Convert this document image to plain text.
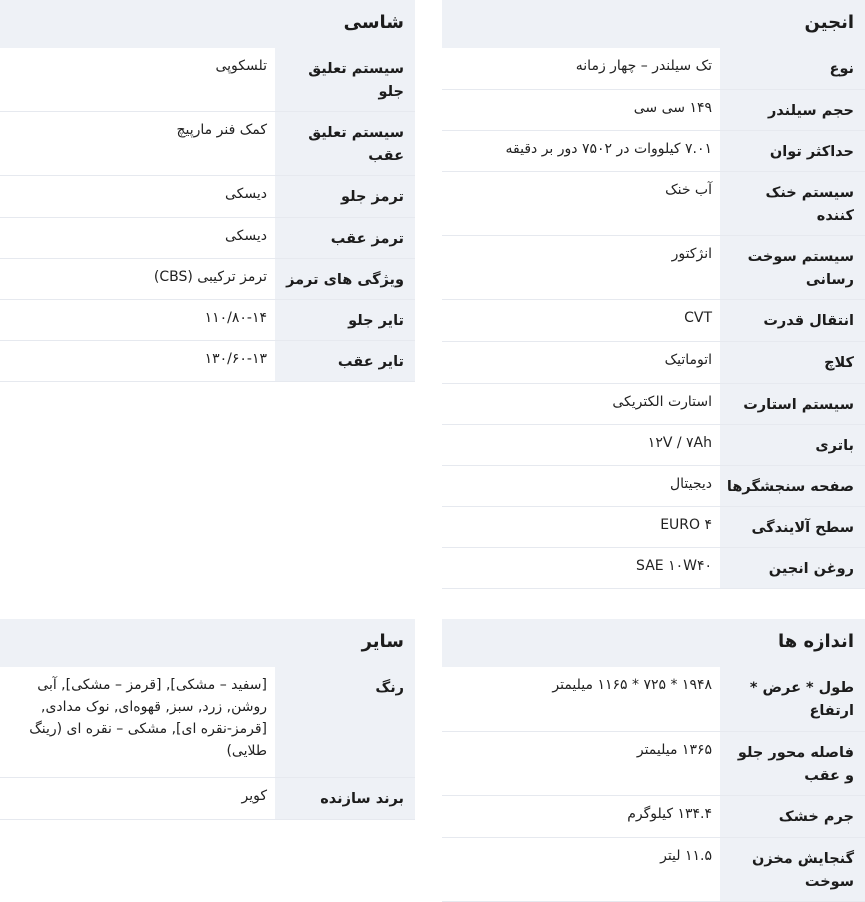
انجین
نوع	تک سیلندر – چهار زمانه
حجم سیلندر	۱۴۹ سی سی
حداکثر توان	۷.۰۱ کیلووات در ۷۵۰۲ دور بر دقیقه
سیستم خنک کننده	آب خنک
سیستم سوخت رسانی	انژکتور
انتقال قدرت	CVT
کلاچ	اتوماتیک
سیستم استارت	استارت الکتریکی
باتری	۱۲V / ۷Ah
صفحه سنجشگرها	دیجیتال
سطح آلایندگی	EURO ۴
روغن انجین	SAE ۱۰W۴۰
شاسی
سیستم تعلیق جلو	تلسکوپی
سیستم تعلیق عقب	کمک فنر مارپیچ
ترمز جلو	دیسکی
ترمز عقب	دیسکی
ویژگی های ترمز	ترمز ترکیبی (CBS)
تایر جلو	۱۱۰/۸۰-۱۴
تایر عقب	۱۳۰/۶۰-۱۳
اندازه ها
طول * عرض * ارتفاع	۱۹۴۸ * ۷۲۵ * ۱۱۶۵ میلیمتر
فاصله محور جلو و عقب	۱۳۶۵ میلیمتر
جرم خشک	۱۳۴.۴ کیلوگرم
گنجایش مخزن سوخت	۱۱.۵ لیتر
سایر
رنگ	[سفید – مشکی], [قرمز – مشکی], آبی روشن, زرد, سبز, قهوه‌ای, نوک مدادی, [قرمز-نقره ای], مشکی – نقره ای (رینگ طلایی)
برند سازنده	کویر
